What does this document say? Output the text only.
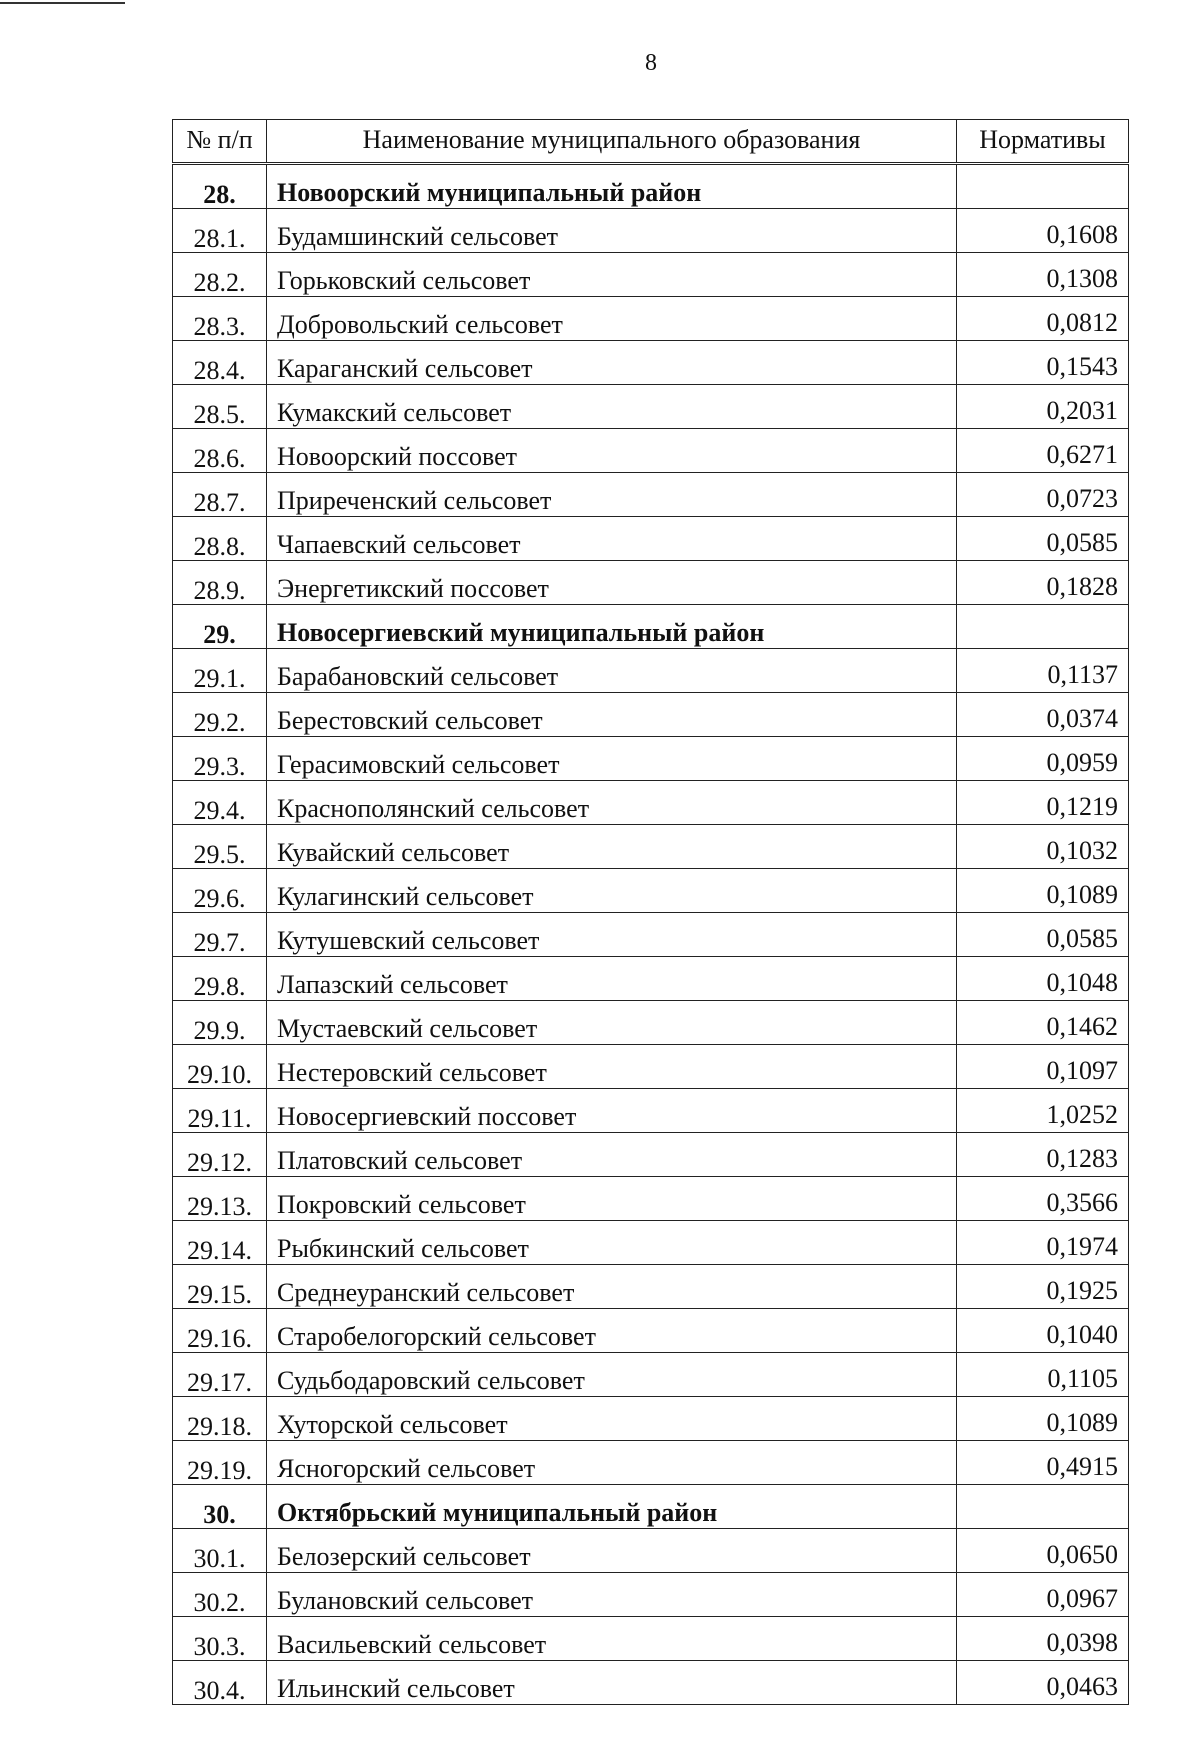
8
№ п/п	Наименование муниципального образования	Нормативы
28.	Новоорский муниципальный район	
28.1.	Будамшинский сельсовет	0,1608
28.2.	Горьковский сельсовет	0,1308
28.3.	Добровольский сельсовет	0,0812
28.4.	Караганский сельсовет	0,1543
28.5.	Кумакский сельсовет	0,2031
28.6.	Новоорский поссовет	0,6271
28.7.	Приреченский сельсовет	0,0723
28.8.	Чапаевский сельсовет	0,0585
28.9.	Энергетикский поссовет	0,1828
29.	Новосергиевский муниципальный район	
29.1.	Барабановский сельсовет	0,1137
29.2.	Берестовский сельсовет	0,0374
29.3.	Герасимовский сельсовет	0,0959
29.4.	Краснополянский сельсовет	0,1219
29.5.	Кувайский сельсовет	0,1032
29.6.	Кулагинский сельсовет	0,1089
29.7.	Кутушевский сельсовет	0,0585
29.8.	Лапазский сельсовет	0,1048
29.9.	Мустаевский сельсовет	0,1462
29.10.	Нестеровский сельсовет	0,1097
29.11.	Новосергиевский поссовет	1,0252
29.12.	Платовский сельсовет	0,1283
29.13.	Покровский сельсовет	0,3566
29.14.	Рыбкинский сельсовет	0,1974
29.15.	Среднеуранский сельсовет	0,1925
29.16.	Старобелогорский сельсовет	0,1040
29.17.	Судьбодаровский сельсовет	0,1105
29.18.	Хуторской сельсовет	0,1089
29.19.	Ясногорский сельсовет	0,4915
30.	Октябрьский муниципальный район	
30.1.	Белозерский сельсовет	0,0650
30.2.	Булановский сельсовет	0,0967
30.3.	Васильевский сельсовет	0,0398
30.4.	Ильинский сельсовет	0,0463
